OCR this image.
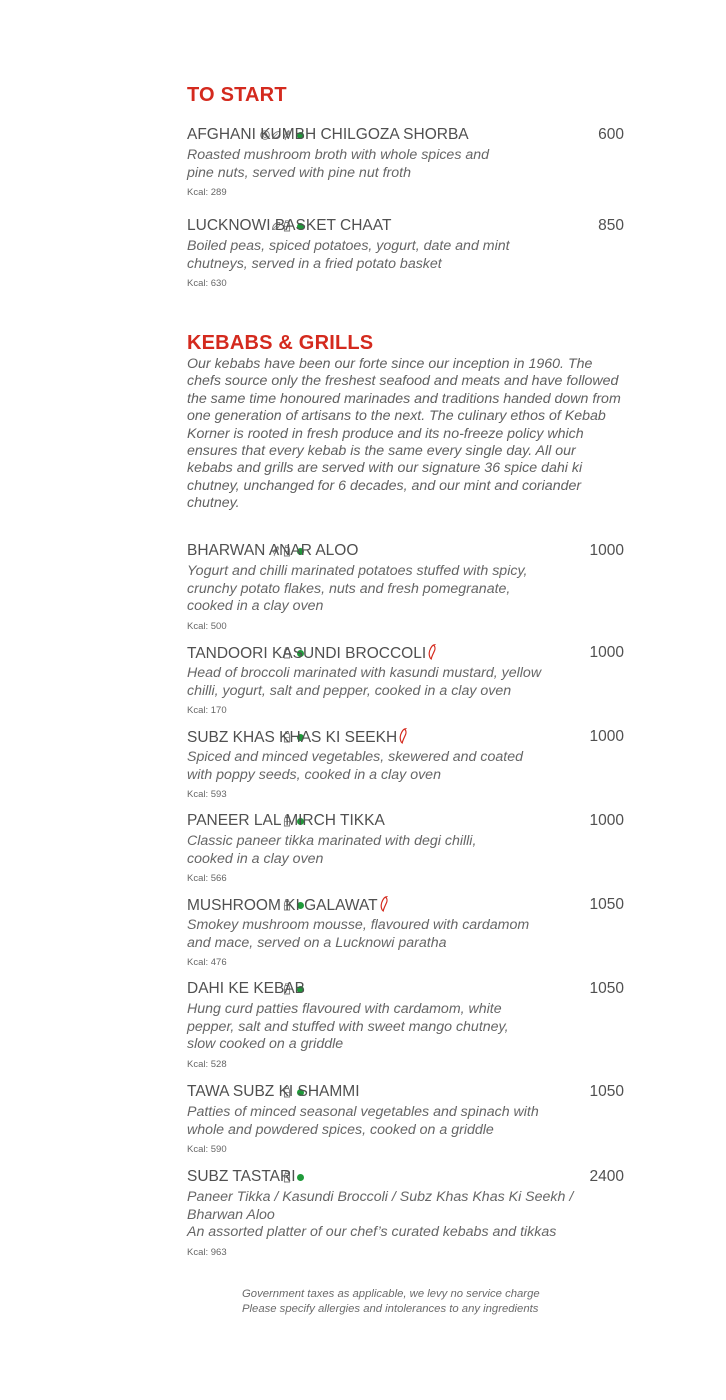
TO START
KEBABS & GRILLS

Our kebabs have been our forte since our inception in 1960. The chefs source only the freshest seafood and meats and have followed the same time honoured marinades and traditions handed down from one generation of artisans to the next. The culinary ethos of Kebab Korner is rooted in fresh produce and its no-freeze policy which ensures that every kebab is the same every single day. All our kebabs and grills are served with our signature 36 spice dahi ki chutney, unchanged for 6 decades, and our mint and coriander chutney.

AFGHANI KUMBH CHILGOZA SHORBA	600

Roasted mushroom broth with whole spices and
pine nuts, served with pine nut froth

Kcal: 289

LUCKNOWI BASKET CHAAT	850

Boiled peas, spiced potatoes, yogurt, date and mint
chutneys, served in a fried potato basket

Kcal: 630

BHARWAN ANAR ALOO	1000

Yogurt and chilli marinated potatoes stuffed with spicy,
crunchy potato flakes, nuts and fresh pomegranate,
cooked in a clay oven

Kcal: 500

TANDOORI KASUNDI BROCCOLI	1000

Head of broccoli marinated with kasundi mustard, yellow
chilli, yogurt, salt and pepper, cooked in a clay oven

Kcal: 170

SUBZ KHAS KHAS KI SEEKH	1000

Spiced and minced vegetables, skewered and coated
with poppy seeds, cooked in a clay oven

Kcal: 593

PANEER LAL MIRCH TIKKA	1000

Classic paneer tikka marinated with degi chilli,
cooked in a clay oven

Kcal: 566

MUSHROOM KI GALAWAT	1050

Smokey mushroom mousse, flavoured with cardamom
and mace, served on a Lucknowi paratha

Kcal: 476

DAHI KE KEBAB	1050

Hung curd patties flavoured with cardamom, white
pepper, salt and stuffed with sweet mango chutney,
slow cooked on a griddle

Kcal: 528

TAWA SUBZ KI SHAMMI	1050

Patties of minced seasonal vegetables and spinach with
whole and powdered spices, cooked on a griddle

Kcal: 590

SUBZ TASTARI	2400

Paneer Tikka / Kasundi Broccoli / Subz Khas Khas Ki Seekh /
Bharwan Aloo
An assorted platter of our chef’s curated kebabs and tikkas

Kcal: 963

Government taxes as applicable, we levy no service charge
Please specify allergies and intolerances to any ingredients
